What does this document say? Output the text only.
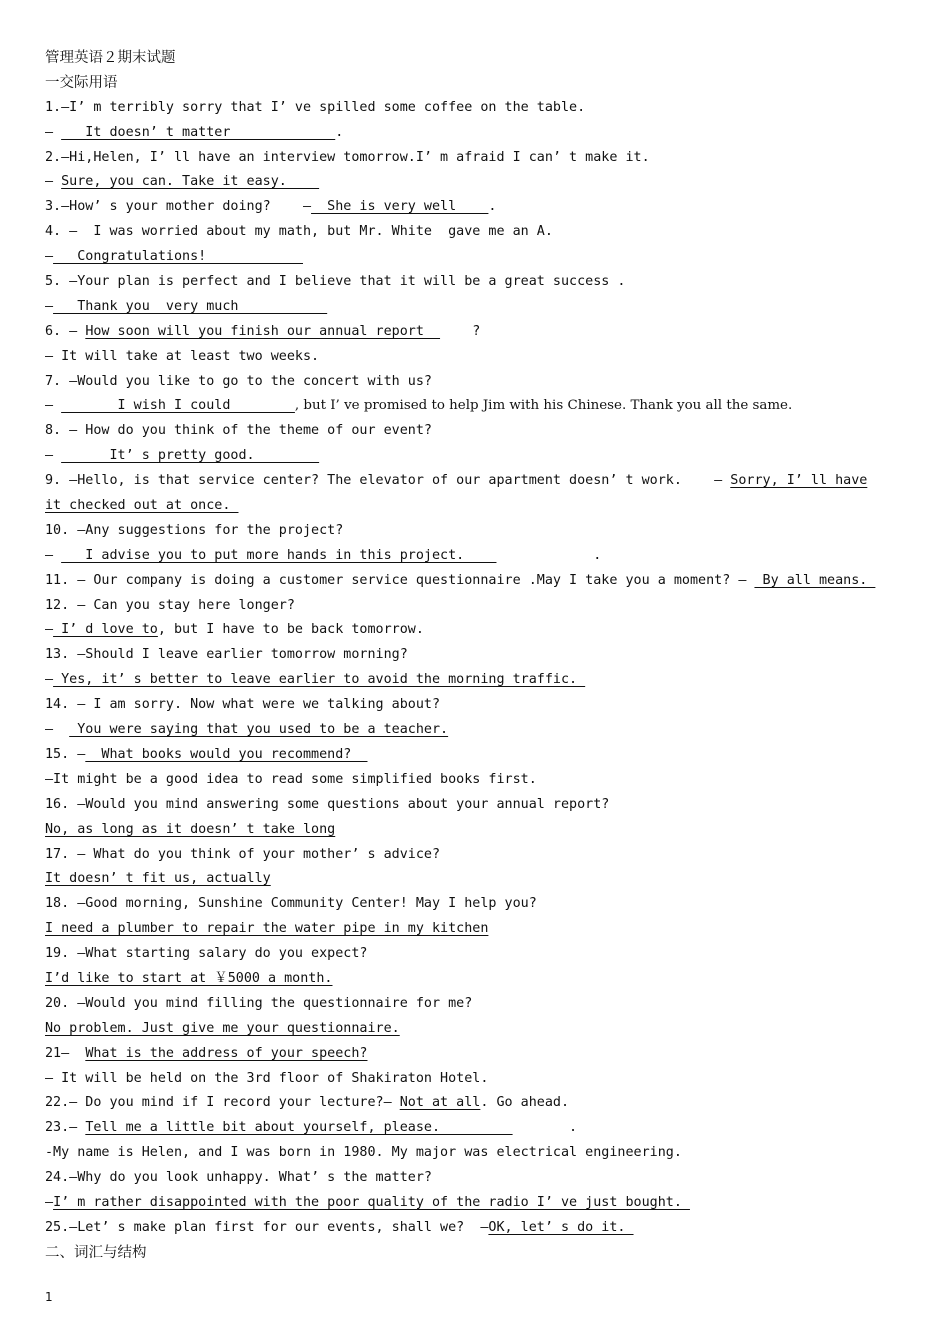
管理英语２期末试题
一交际用语
1.—I’ m terribly sorry that I’ ve spilled some coffee on the table.
—    It doesn’ t matter             .
2.—Hi,Helen, I’ ll have an interview tomorrow.I’ m afraid I can’ t make it.
— Sure, you can. Take it easy.
3.—How’ s your mother doing?    —  She is very well    .
4. —  I was worried about my math, but Mr. White  gave me an A.
—   Congratulations!
5. —Your plan is perfect and I believe that it will be a great success .
—   Thank you  very much
6. — How soon will you finish our annual report      ?
— It will take at least two weeks.
7. —Would you like to go to the concert with us?
—        I wish I could        , but I’ ve promised to help Jim with his Chinese. Thank you all the same.
8. — How do you think of the theme of our event?
—       It’ s pretty good.
9. —Hello, is that service center? The elevator of our apartment doesn’ t work.    — Sorry, I’ ll have
it checked out at once.
10. —Any suggestions for the project?
—    I advise you to put more hands in this project.                .
11. — Our company is doing a customer service questionnaire .May I take you a moment? —  By all means.
12. — Can you stay here longer?
— I’ d love to, but I have to be back tomorrow.
13. —Should I leave earlier tomorrow morning?
— Yes, it’ s better to leave earlier to avoid the morning traffic.
14. — I am sorry. Now what were we talking about?
—   You were saying that you used to be a teacher.
15. —  What books would you recommend?
—It might be a good idea to read some simplified books first.
16. —Would you mind answering some questions about your annual report?
No, as long as it doesn’ t take long
17. — What do you think of your mother’ s advice?
It doesn’ t fit us, actually
18. —Good morning, Sunshine Community Center! May I help you?
I need a plumber to repair the water pipe in my kitchen
19. —What starting salary do you expect?
I’d like to start at ￥5000 a month.
20. —Would you mind filling the questionnaire for me?
No problem. Just give me your questionnaire.
21—  What is the address of your speech?
— It will be held on the 3rd floor of Shakiraton Hotel.
22.— Do you mind if I record your lecture?— Not at all. Go ahead.
23.— Tell me a little bit about yourself, please.                .
-My name is Helen, and I was born in 1980. My major was electrical engineering.
24.—Why do you look unhappy. What’ s the matter?
—I’ m rather disappointed with the poor quality of the radio I’ ve just bought.
25.—Let’ s make plan first for our events, shall we?  —OK, let’ s do it.
二、词汇与结构
1
